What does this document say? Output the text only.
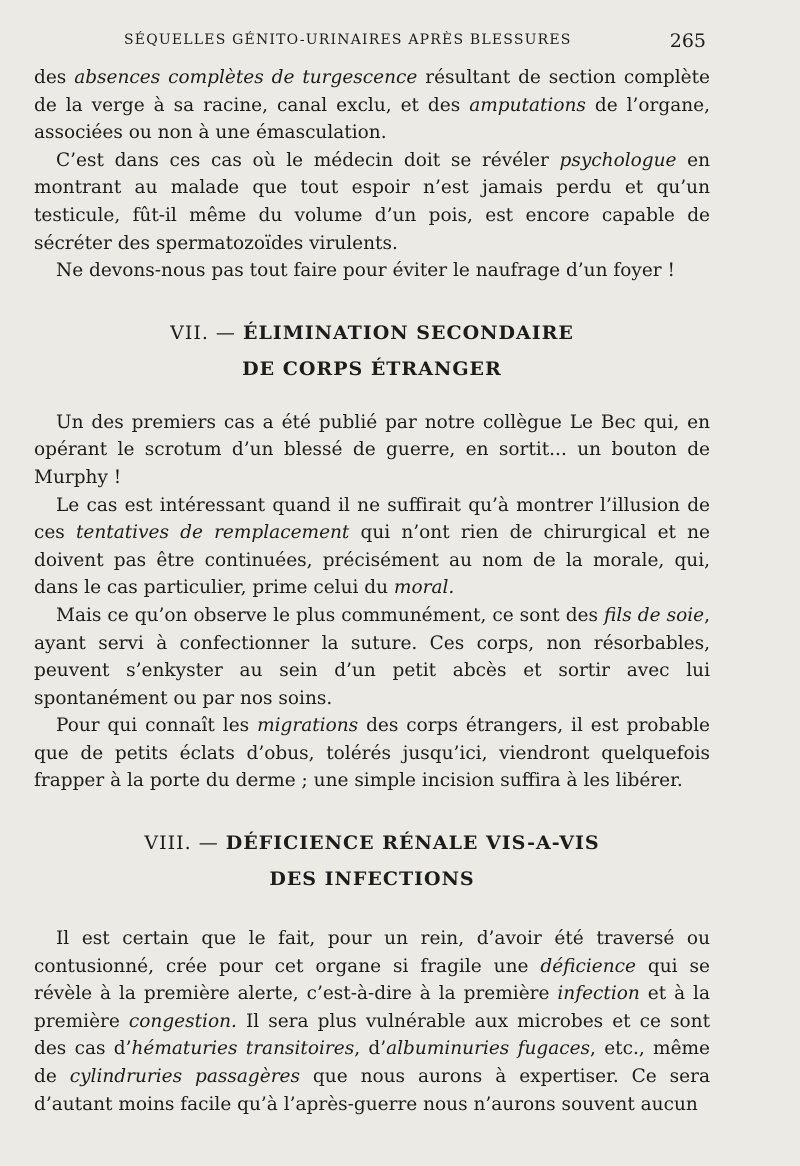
SÉQUELLES GÉNITO-URINAIRES APRÈS BLESSURES	265

des absences complètes de turgescence résultant de section complète de la verge à sa racine, canal exclu, et des amputations de l’organe, associées ou non à une émasculation.

C’est dans ces cas où le médecin doit se révéler psychologue en montrant au malade que tout espoir n’est jamais perdu et qu’un testicule, fût-il même du volume d’un pois, est encore capable de sécréter des spermatozoïdes virulents.

Ne devons-nous pas tout faire pour éviter le naufrage d’un foyer !

VII. — ÉLIMINATION SECONDAIRE
DE CORPS ÉTRANGER

Un des premiers cas a été publié par notre collègue Le Bec qui, en opérant le scrotum d’un blessé de guerre, en sortit... un bouton de Murphy !

Le cas est intéressant quand il ne suffirait qu’à montrer l’illusion de ces tentatives de remplacement qui n’ont rien de chirurgical et ne doivent pas être continuées, précisément au nom de la morale, qui, dans le cas particulier, prime celui du moral.

Mais ce qu’on observe le plus communément, ce sont des fils de soie, ayant servi à confectionner la suture. Ces corps, non résorbables, peuvent s’enkyster au sein d’un petit abcès et sortir avec lui spontanément ou par nos soins.

Pour qui connaît les migrations des corps étrangers, il est probable que de petits éclats d’obus, tolérés jusqu’ici, viendront quelquefois frapper à la porte du derme ; une simple incision suffira à les libérer.

VIII. — DÉFICIENCE RÉNALE VIS-A-VIS
DES INFECTIONS

Il est certain que le fait, pour un rein, d’avoir été traversé ou contusionné, crée pour cet organe si fragile une déficience qui se révèle à la première alerte, c’est-à-dire à la première infection et à la première congestion. Il sera plus vulnérable aux microbes et ce sont des cas d’hématuries transitoires, d’albuminuries fugaces, etc., même de cylindruries passagères que nous aurons à expertiser. Ce sera d’autant moins facile qu’à l’après-guerre nous n’aurons souvent aucun
